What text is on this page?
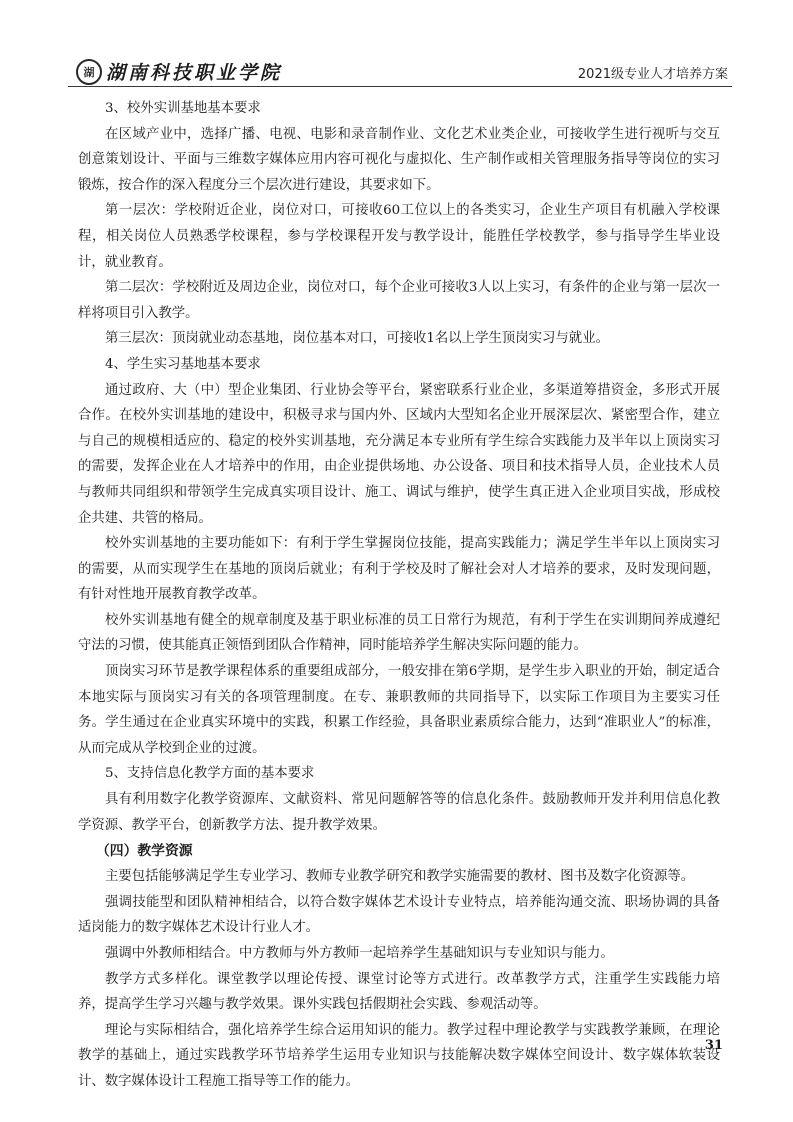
湖 湖南科技职业学院	2021级专业人才培养方案

3、校外实训基地基本要求

在区域产业中，选择广播、电视、电影和录音制作业、文化艺术业类企业，可接收学生进行视听与交互创意策划设计、平面与三维数字媒体应用内容可视化与虚拟化、生产制作或相关管理服务指导等岗位的实习锻炼，按合作的深入程度分三个层次进行建设，其要求如下。

第一层次：学校附近企业，岗位对口，可接收60工位以上的各类实习，企业生产项目有机融入学校课程，相关岗位人员熟悉学校课程，参与学校课程开发与教学设计，能胜任学校教学，参与指导学生毕业设计，就业教育。

第二层次：学校附近及周边企业，岗位对口，每个企业可接收3人以上实习，有条件的企业与第一层次一样将项目引入教学。

第三层次：顶岗就业动态基地，岗位基本对口，可接收1名以上学生顶岗实习与就业。

4、学生实习基地基本要求

通过政府、大（中）型企业集团、行业协会等平台，紧密联系行业企业，多渠道筹措资金，多形式开展合作。在校外实训基地的建设中，积极寻求与国内外、区域内大型知名企业开展深层次、紧密型合作，建立与自己的规模相适应的、稳定的校外实训基地，充分满足本专业所有学生综合实践能力及半年以上顶岗实习的需要，发挥企业在人才培养中的作用，由企业提供场地、办公设备、项目和技术指导人员，企业技术人员与教师共同组织和带领学生完成真实项目设计、施工、调试与维护，使学生真正进入企业项目实战，形成校企共建、共管的格局。

校外实训基地的主要功能如下：有利于学生掌握岗位技能，提高实践能力；满足学生半年以上顶岗实习的需要，从而实现学生在基地的顶岗后就业；有利于学校及时了解社会对人才培养的要求，及时发现问题，有针对性地开展教育教学改革。

校外实训基地有健全的规章制度及基于职业标准的员工日常行为规范，有利于学生在实训期间养成遵纪守法的习惯，使其能真正领悟到团队合作精神，同时能培养学生解决实际问题的能力。

顶岗实习环节是教学课程体系的重要组成部分，一般安排在第6学期，是学生步入职业的开始，制定适合本地实际与顶岗实习有关的各项管理制度。在专、兼职教师的共同指导下，以实际工作项目为主要实习任务。学生通过在企业真实环境中的实践，积累工作经验，具备职业素质综合能力，达到“准职业人”的标准，从而完成从学校到企业的过渡。

5、支持信息化教学方面的基本要求

具有利用数字化教学资源库、文献资料、常见问题解答等的信息化条件。鼓励教师开发并利用信息化教学资源、教学平台，创新教学方法、提升教学效果。

（四）教学资源

主要包括能够满足学生专业学习、教师专业教学研究和教学实施需要的教材、图书及数字化资源等。

强调技能型和团队精神相结合，以符合数字媒体艺术设计专业特点，培养能沟通交流、职场协调的具备适岗能力的数字媒体艺术设计行业人才。

强调中外教师相结合。中方教师与外方教师一起培养学生基础知识与专业知识与能力。

教学方式多样化。课堂教学以理论传授、课堂讨论等方式进行。改革教学方式，注重学生实践能力培养，提高学生学习兴趣与教学效果。课外实践包括假期社会实践、参观活动等。

理论与实际相结合，强化培养学生综合运用知识的能力。教学过程中理论教学与实践教学兼顾，在理论教学的基础上，通过实践教学环节培养学生运用专业知识与技能解决数字媒体空间设计、数字媒体软装设计、数字媒体设计工程施工指导等工作的能力。

31
